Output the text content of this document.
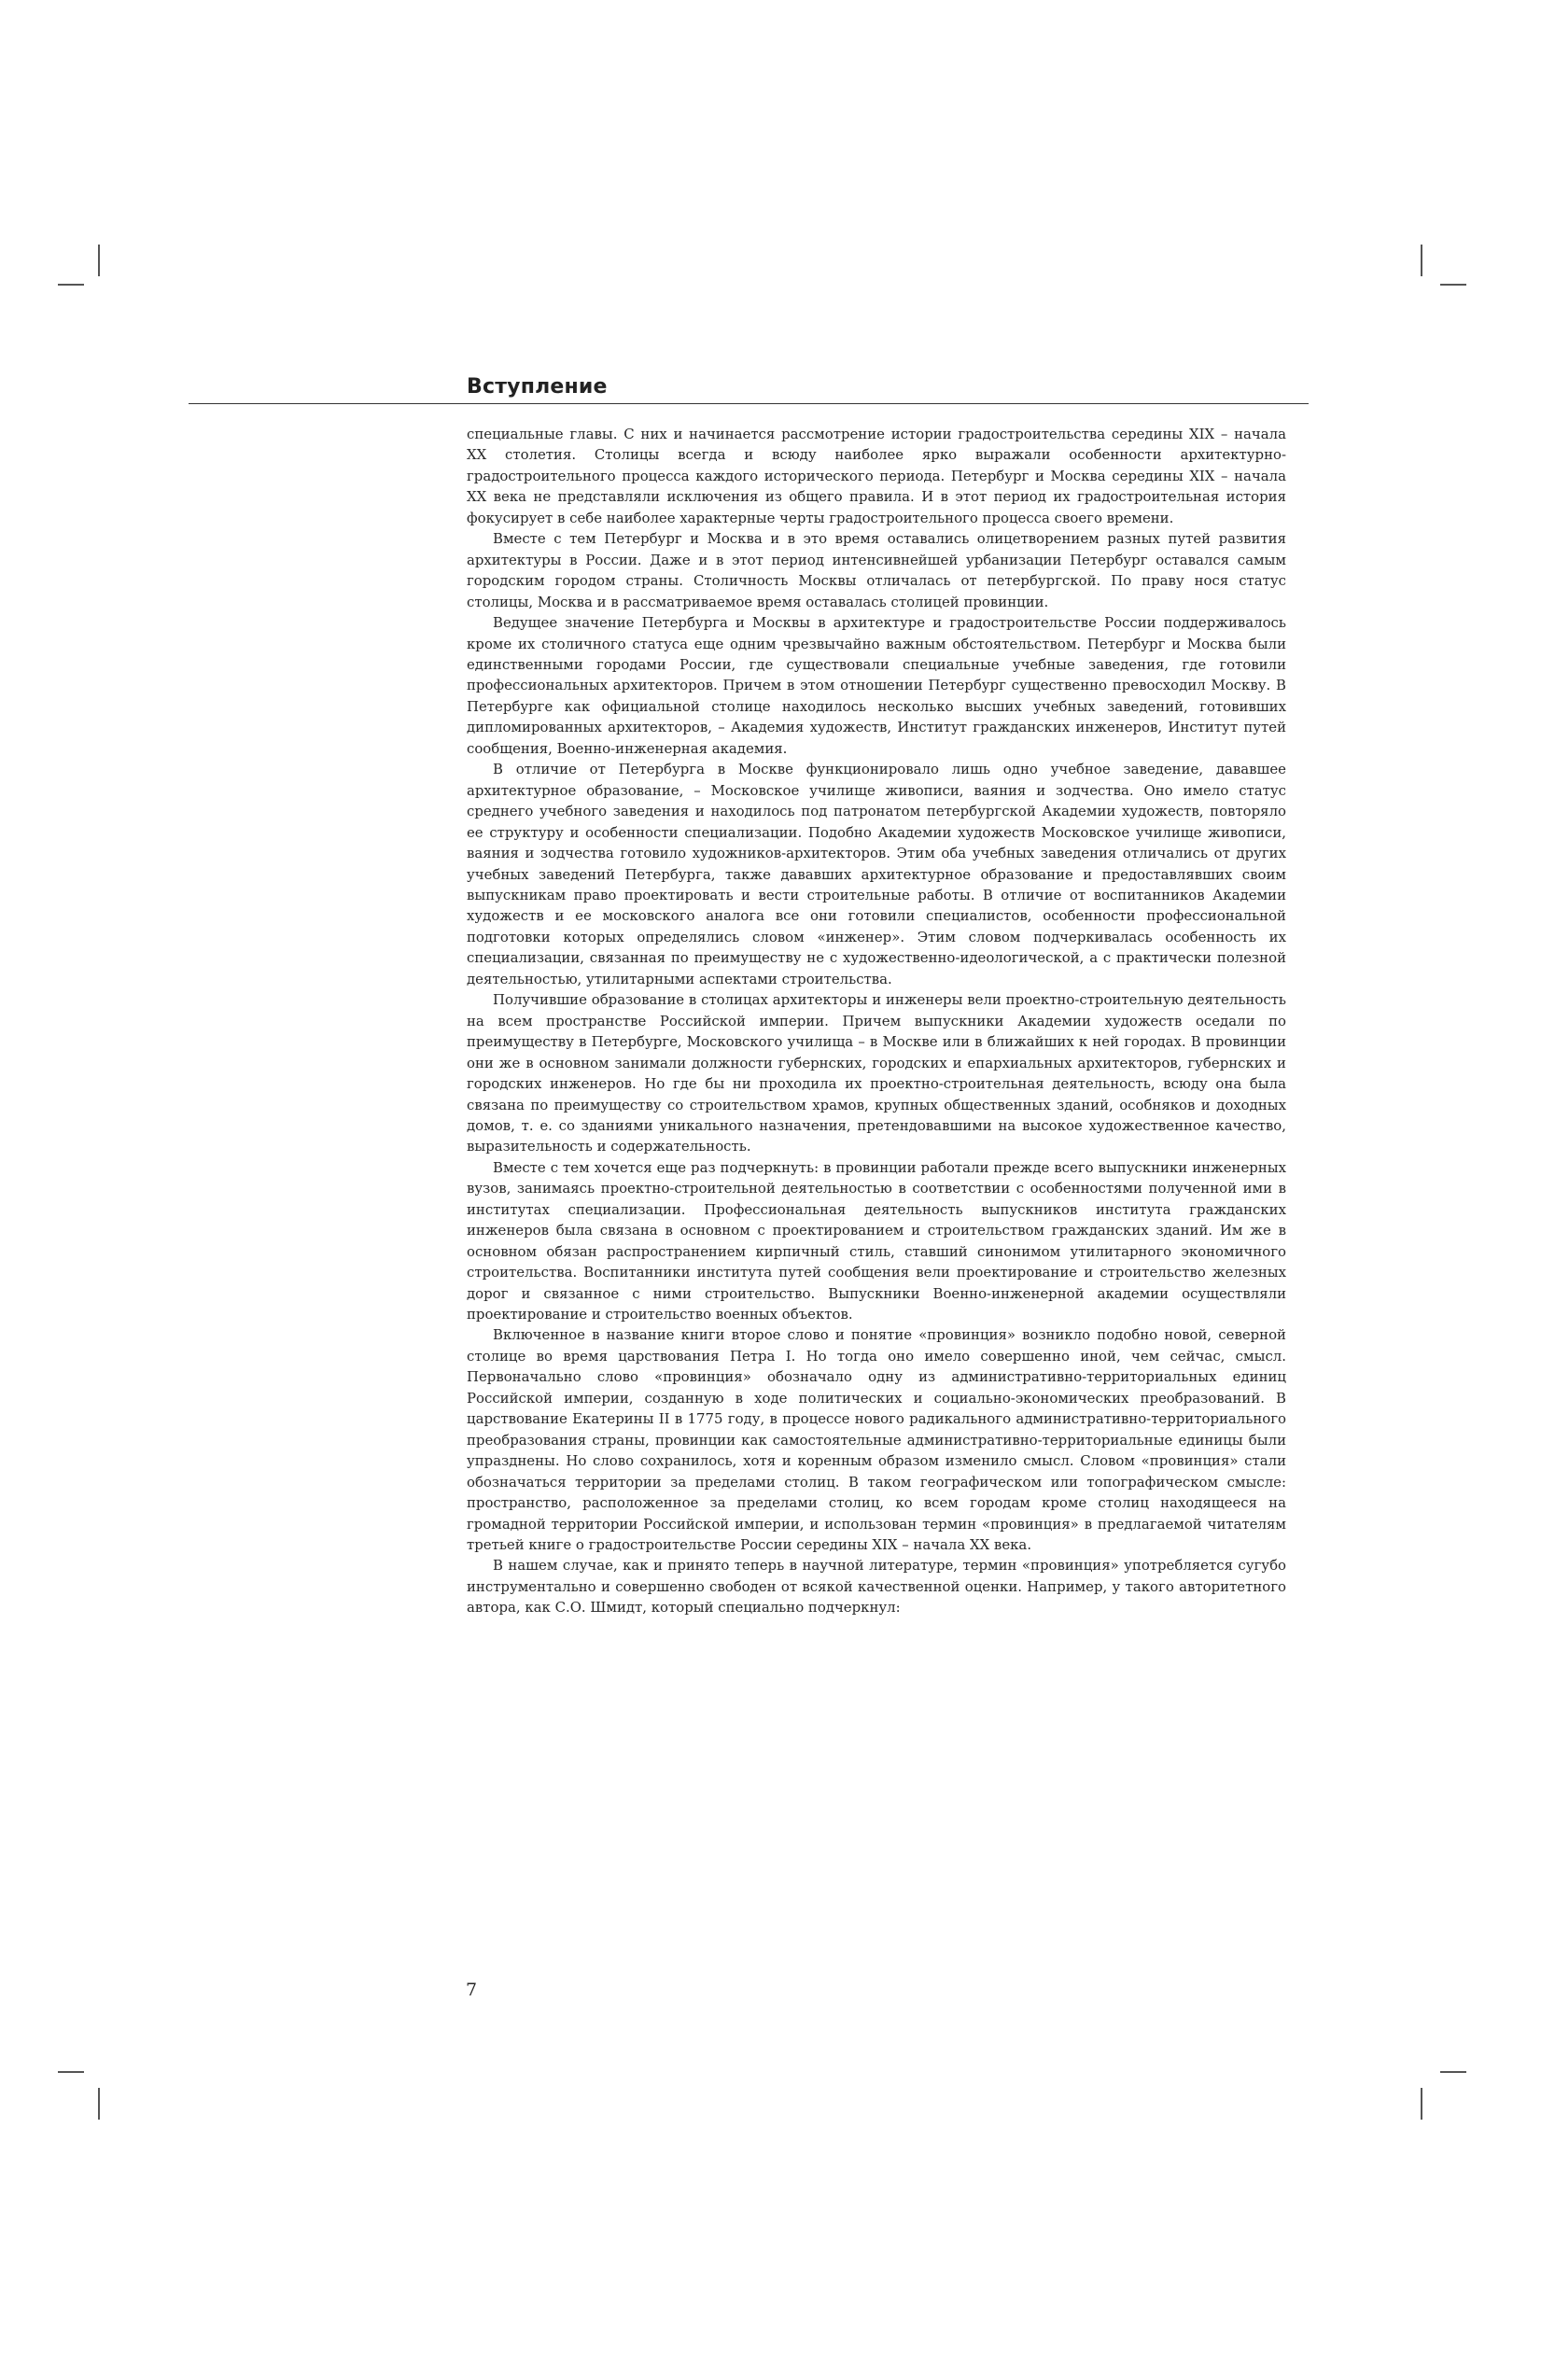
Вступление

специальные главы. С них и начинается рассмотрение истории градостроительства середины XIX – начала XX столетия. Столицы всегда и всюду наиболее ярко выражали особенности архитектурно-градостроительного процесса каждого исторического периода. Петербург и Москва середины XIX – начала XX века не представляли исключения из общего правила. И в этот период их градостроительная история фокусирует в себе наиболее характерные черты градостроительного процесса своего времени.

Вместе с тем Петербург и Москва и в это время оставались олицетворением разных путей развития архитектуры в России. Даже и в этот период интенсивнейшей урбанизации Петербург оставался самым городским городом страны. Столичность Москвы отличалась от петербургской. По праву нося статус столицы, Москва и в рассматриваемое время оставалась столицей провинции.

Ведущее значение Петербурга и Москвы в архитектуре и градостроительстве России поддерживалось кроме их столичного статуса еще одним чрезвычайно важным обстоятельством. Петербург и Москва были единственными городами России, где существовали специальные учебные заведения, где готовили профессиональных архитекторов. Причем в этом отношении Петербург существенно превосходил Москву. В Петербурге как официальной столице находилось несколько высших учебных заведений, готовивших дипломированных архитекторов, – Академия художеств, Институт гражданских инженеров, Институт путей сообщения, Военно-инженерная академия.

В отличие от Петербурга в Москве функционировало лишь одно учебное заведение, дававшее архитектурное образование, – Московское училище живописи, ваяния и зодчества. Оно имело статус среднего учебного заведения и находилось под патронатом петербургской Академии художеств, повторяло ее структуру и особенности специализации. Подобно Академии художеств Московское училище живописи, ваяния и зодчества готовило художников-архитекторов. Этим оба учебных заведения отличались от других учебных заведений Петербурга, также дававших архитектурное образование и предоставлявших своим выпускникам право проектировать и вести строительные работы. В отличие от воспитанников Академии художеств и ее московского аналога все они готовили специалистов, особенности профессиональной подготовки которых определялись словом «инженер». Этим словом подчеркивалась особенность их специализации, связанная по преимуществу не с художественно-идеологической, а с практически полезной деятельностью, утилитарными аспектами строительства.

Получившие образование в столицах архитекторы и инженеры вели проектно-строительную деятельность на всем пространстве Российской империи. Причем выпускники Академии художеств оседали по преимуществу в Петербурге, Московского училища – в Москве или в ближайших к ней городах. В провинции они же в основном занимали должности губернских, городских и епархиальных архитекторов, губернских и городских инженеров. Но где бы ни проходила их проектно-строительная деятельность, всюду она была связана по преимуществу со строительством храмов, крупных общественных зданий, особняков и доходных домов, т. е. со зданиями уникального назначения, претендовавшими на высокое художественное качество, выразительность и содержательность.

Вместе с тем хочется еще раз подчеркнуть: в провинции работали прежде всего выпускники инженерных вузов, занимаясь проектно-строительной деятельностью в соответствии с особенностями полученной ими в институтах специализации. Профессиональная деятельность выпускников института гражданских инженеров была связана в основном с проектированием и строительством гражданских зданий. Им же в основном обязан распространением кирпичный стиль, ставший синонимом утилитарного экономичного строительства. Воспитанники института путей сообщения вели проектирование и строительство железных дорог и связанное с ними строительство. Выпускники Военно-инженерной академии осуществляли проектирование и строительство военных объектов.

Включенное в название книги второе слово и понятие «провинция» возникло подобно новой, северной столице во время царствования Петра I. Но тогда оно имело совершенно иной, чем сейчас, смысл. Первоначально слово «провинция» обозначало одну из административно-территориальных единиц Российской империи, созданную в ходе политических и социально-экономических преобразований. В царствование Екатерины II в 1775 году, в процессе нового радикального административно-территориального преобразования страны, провинции как самостоятельные административно-территориальные единицы были упразднены. Но слово сохранилось, хотя и коренным образом изменило смысл. Словом «провинция» стали обозначаться территории за пределами столиц. В таком географическом или топографическом смысле: пространство, расположенное за пределами столиц, ко всем городам кроме столиц находящееся на громадной территории Российской империи, и использован термин «провинция» в предлагаемой читателям третьей книге о градостроительстве России середины XIX – начала XX века.

В нашем случае, как и принято теперь в научной литературе, термин «провинция» употребляется сугубо инструментально и совершенно свободен от всякой качественной оценки. Например, у такого авторитетного автора, как С.О. Шмидт, который специально подчеркнул:

7
